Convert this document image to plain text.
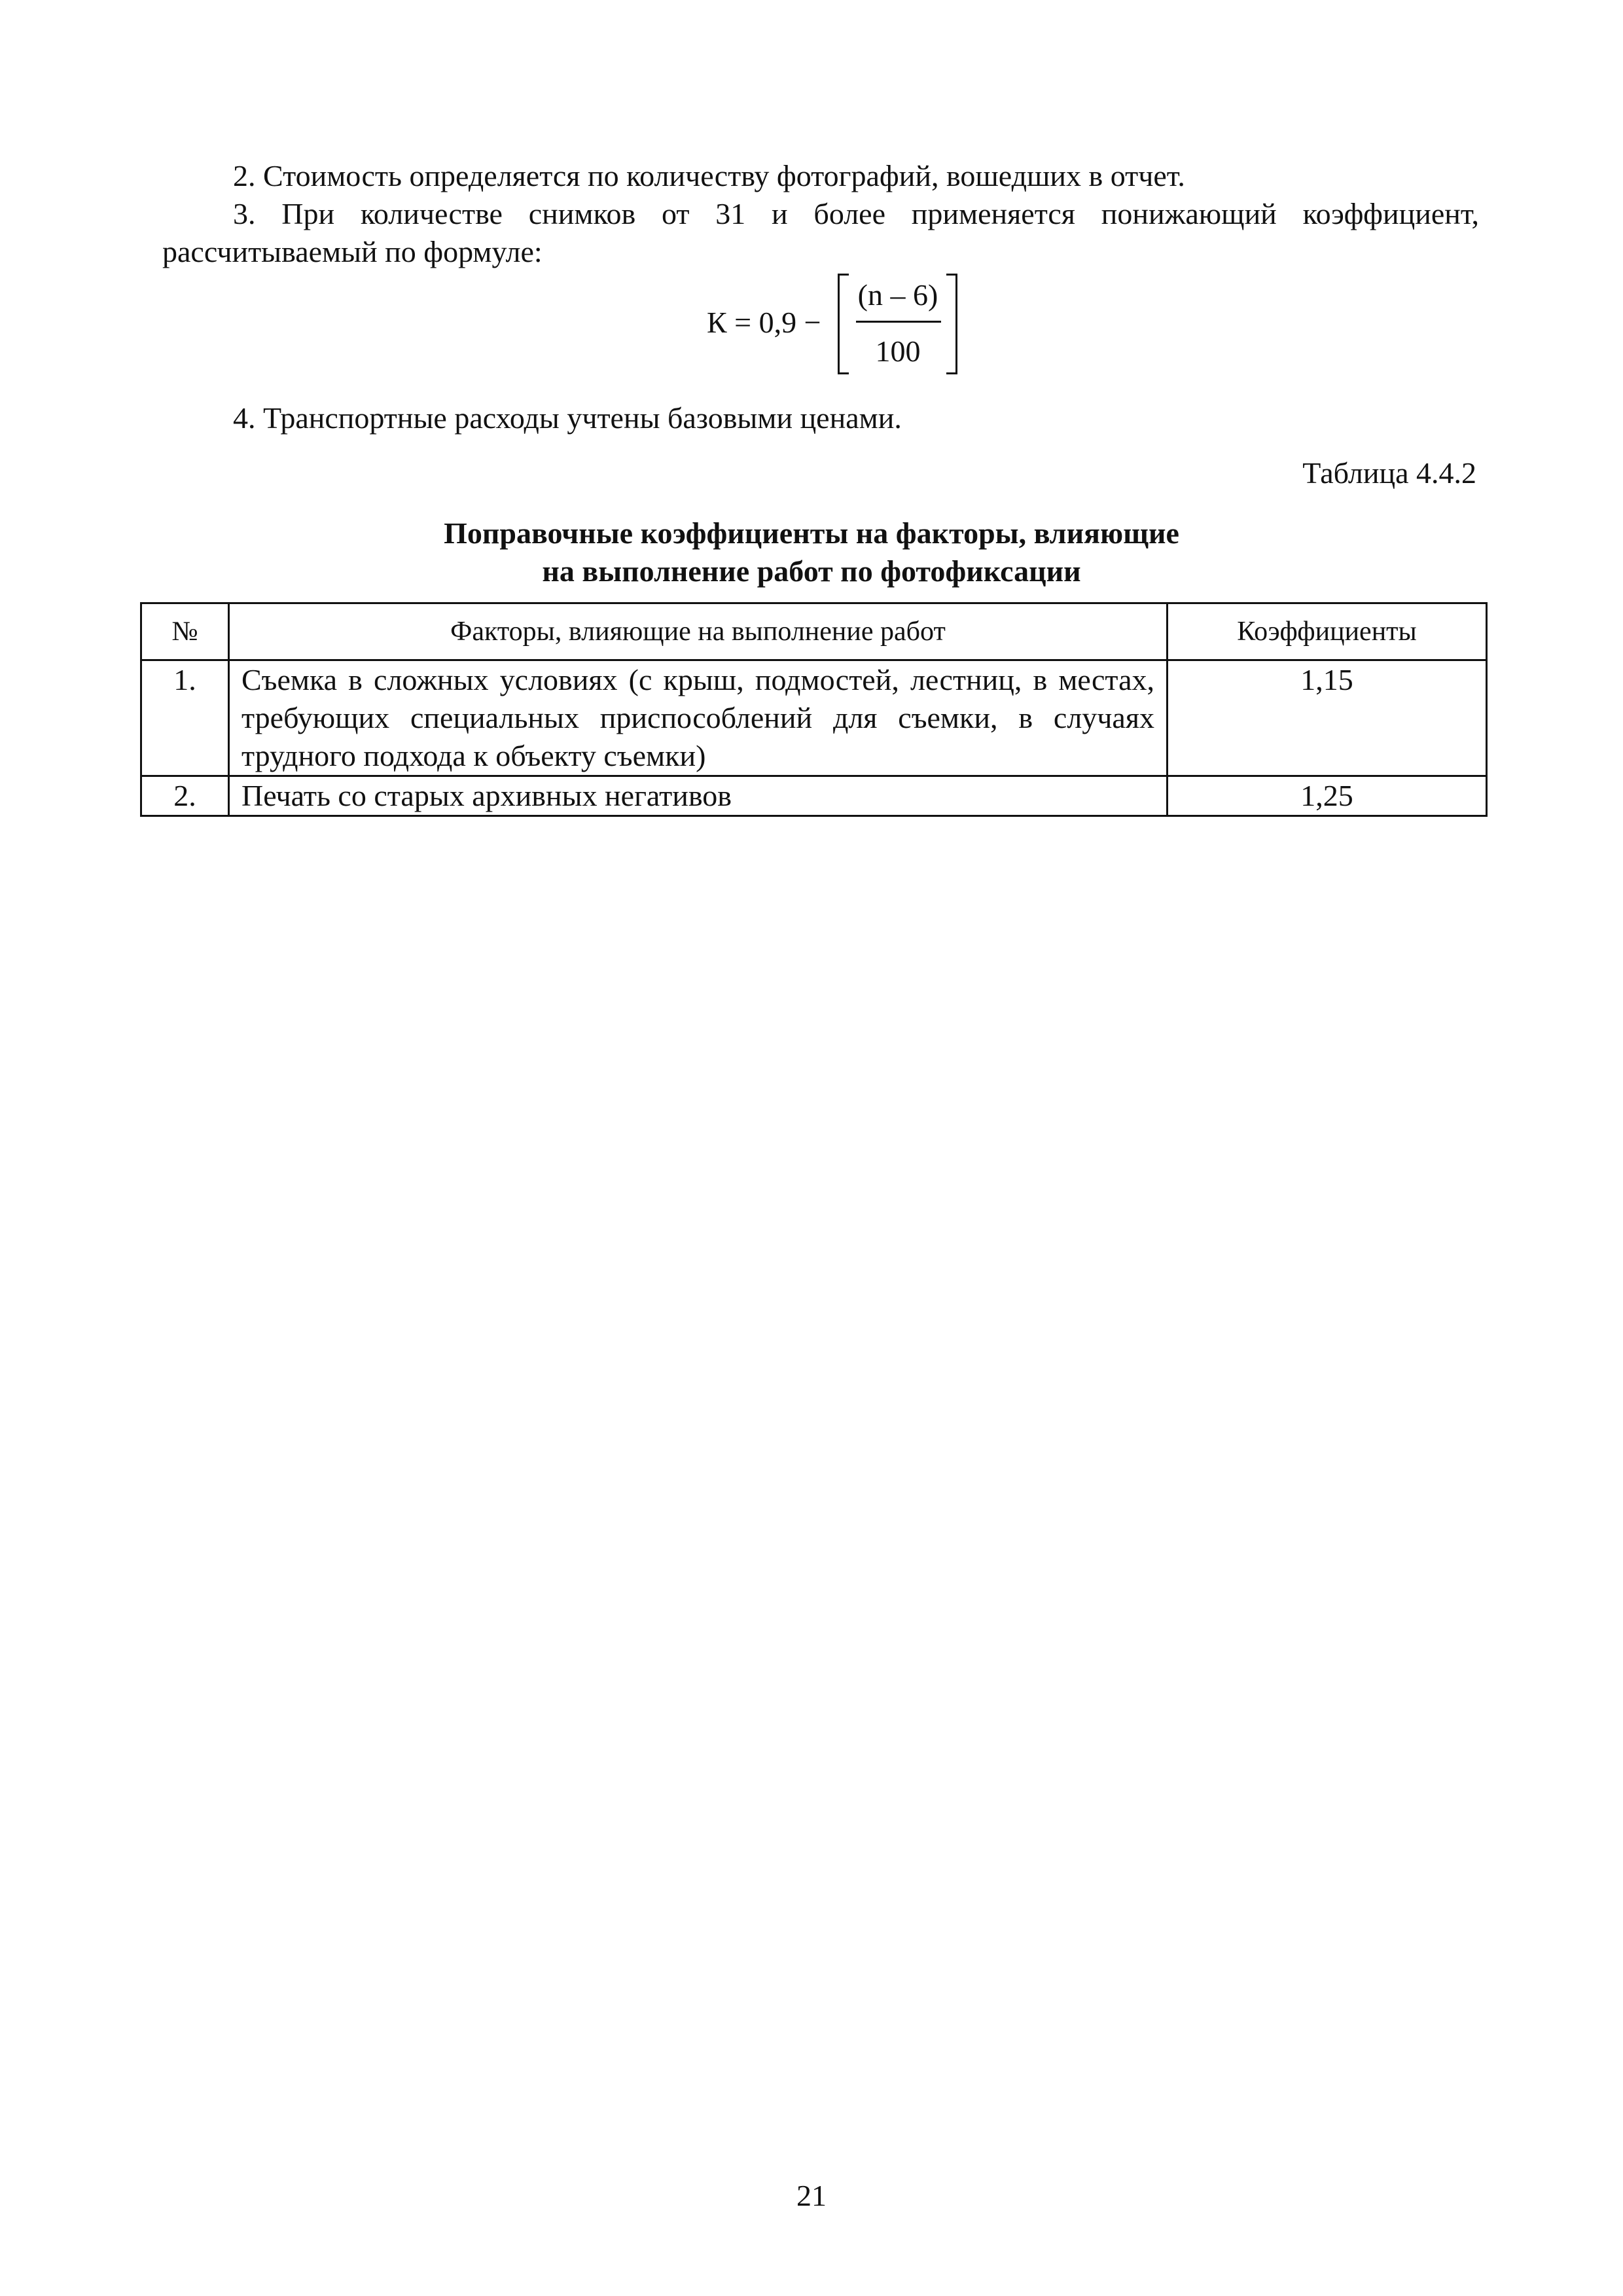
2. Стоимость определяется по количеству фотографий, вошедших в отчет.
3. При количестве снимков от 31 и более применяется понижающий коэффициент,
рассчитываемый по формуле:
К = 0,9 −
(n – 6)
100
4. Транспортные расходы учтены базовыми ценами.
Таблица 4.4.2
Поправочные коэффициенты на факторы, влияющие
на выполнение работ по фотофиксации
№	Факторы, влияющие на выполнение работ	Коэффициенты
1.	Съемка в сложных условиях (с крыш, подмостей, лестниц, в местах, требующих специальных приспособлений для съемки, в случаях трудного подхода к объекту съемки)	1,15
2.	Печать со старых архивных негативов	1,25
21
